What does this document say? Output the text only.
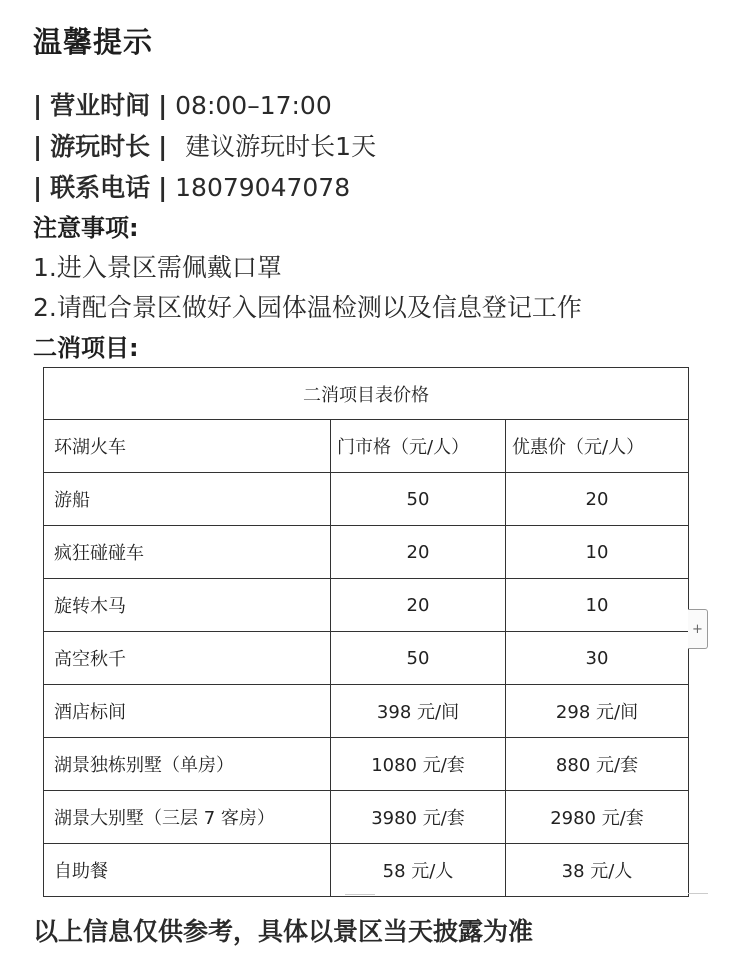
温馨提示
| 营业时间 | 08:00–17:00
| 游玩时长 | 建议游玩时长1天
| 联系电话 | 18079047078
注意事项:
1.进入景区需佩戴口罩
2.请配合景区做好入园体温检测以及信息登记工作
二消项目:
二消项目表价格		
环湖火车	门市格（元/人）	优惠价（元/人）
游船	50	20
疯狂碰碰车	20	10
旋转木马	20	10
高空秋千	50	30
酒店标间	398 元/间	298 元/间
湖景独栋别墅（单房）	1080 元/套	880 元/套
湖景大别墅（三层 7 客房）	3980 元/套	2980 元/套
自助餐	58 元/人	38 元/人
+
以上信息仅供参考，具体以景区当天披露为准
